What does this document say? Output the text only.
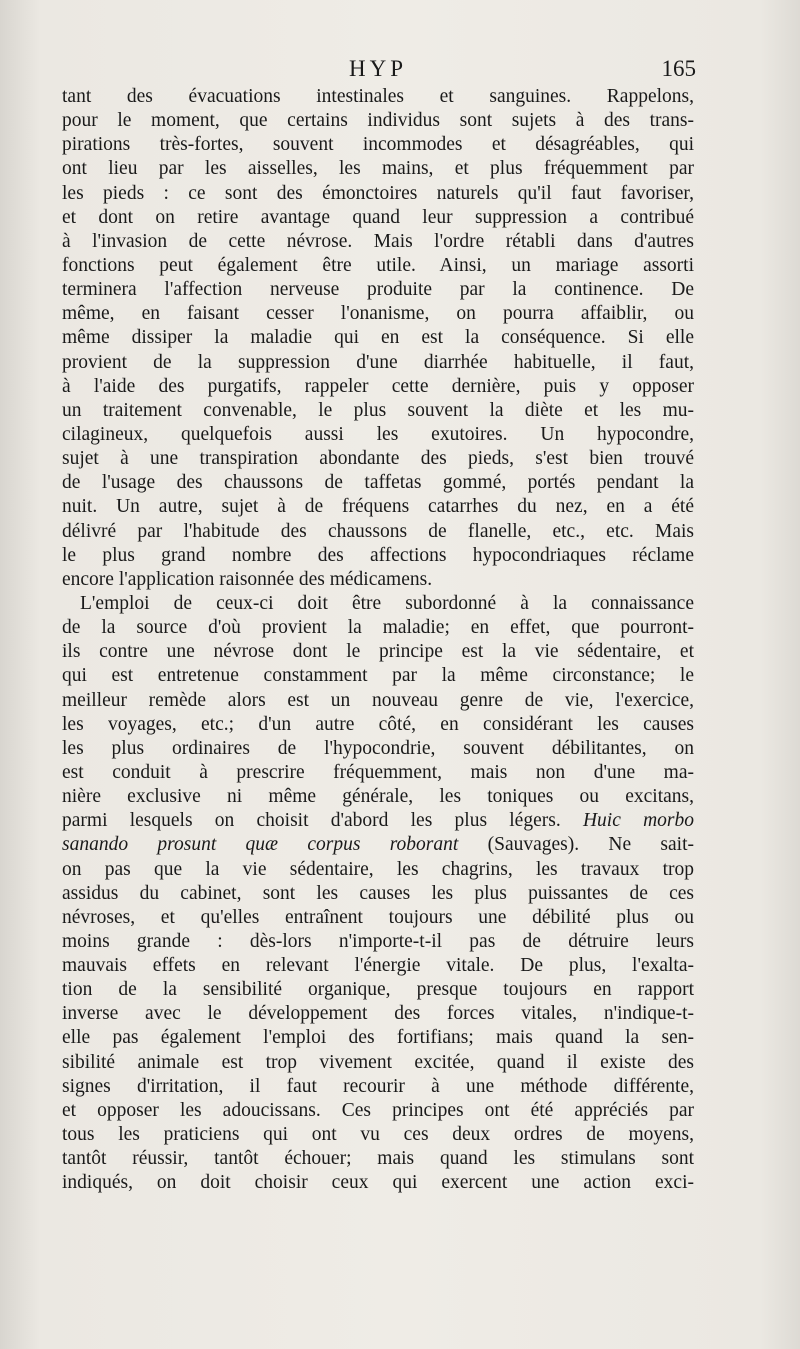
HYP	165
tant des évacuations intestinales et sanguines. Rappelons,
pour le moment, que certains individus sont sujets à des trans-
pirations très-fortes, souvent incommodes et désagréables, qui
ont lieu par les aisselles, les mains, et plus fréquemment par
les pieds : ce sont des émonctoires naturels qu'il faut favoriser,
et dont on retire avantage quand leur suppression a contribué
à l'invasion de cette névrose. Mais l'ordre rétabli dans d'autres
fonctions peut également être utile. Ainsi, un mariage assorti
terminera l'affection nerveuse produite par la continence. De
même, en faisant cesser l'onanisme, on pourra affaiblir, ou
même dissiper la maladie qui en est la conséquence. Si elle
provient de la suppression d'une diarrhée habituelle, il faut,
à l'aide des purgatifs, rappeler cette dernière, puis y opposer
un traitement convenable, le plus souvent la diète et les mu-
cilagineux, quelquefois aussi les exutoires. Un hypocondre,
sujet à une transpiration abondante des pieds, s'est bien trouvé
de l'usage des chaussons de taffetas gommé, portés pendant la
nuit. Un autre, sujet à de fréquens catarrhes du nez, en a été
délivré par l'habitude des chaussons de flanelle, etc., etc. Mais
le plus grand nombre des affections hypocondriaques réclame
encore l'application raisonnée des médicamens.
L'emploi de ceux-ci doit être subordonné à la connaissance
de la source d'où provient la maladie; en effet, que pourront-
ils contre une névrose dont le principe est la vie sédentaire, et
qui est entretenue constamment par la même circonstance; le
meilleur remède alors est un nouveau genre de vie, l'exercice,
les voyages, etc.; d'un autre côté, en considérant les causes
les plus ordinaires de l'hypocondrie, souvent débilitantes, on
est conduit à prescrire fréquemment, mais non d'une ma-
nière exclusive ni même générale, les toniques ou excitans,
parmi lesquels on choisit d'abord les plus légers. Huic morbo
sanando prosunt quæ corpus roborant (Sauvages). Ne sait-
on pas que la vie sédentaire, les chagrins, les travaux trop
assidus du cabinet, sont les causes les plus puissantes de ces
névroses, et qu'elles entraînent toujours une débilité plus ou
moins grande : dès-lors n'importe-t-il pas de détruire leurs
mauvais effets en relevant l'énergie vitale. De plus, l'exalta-
tion de la sensibilité organique, presque toujours en rapport
inverse avec le développement des forces vitales, n'indique-t-
elle pas également l'emploi des fortifians; mais quand la sen-
sibilité animale est trop vivement excitée, quand il existe des
signes d'irritation, il faut recourir à une méthode différente,
et opposer les adoucissans. Ces principes ont été appréciés par
tous les praticiens qui ont vu ces deux ordres de moyens,
tantôt réussir, tantôt échouer; mais quand les stimulans sont
indiqués, on doit choisir ceux qui exercent une action exci-
